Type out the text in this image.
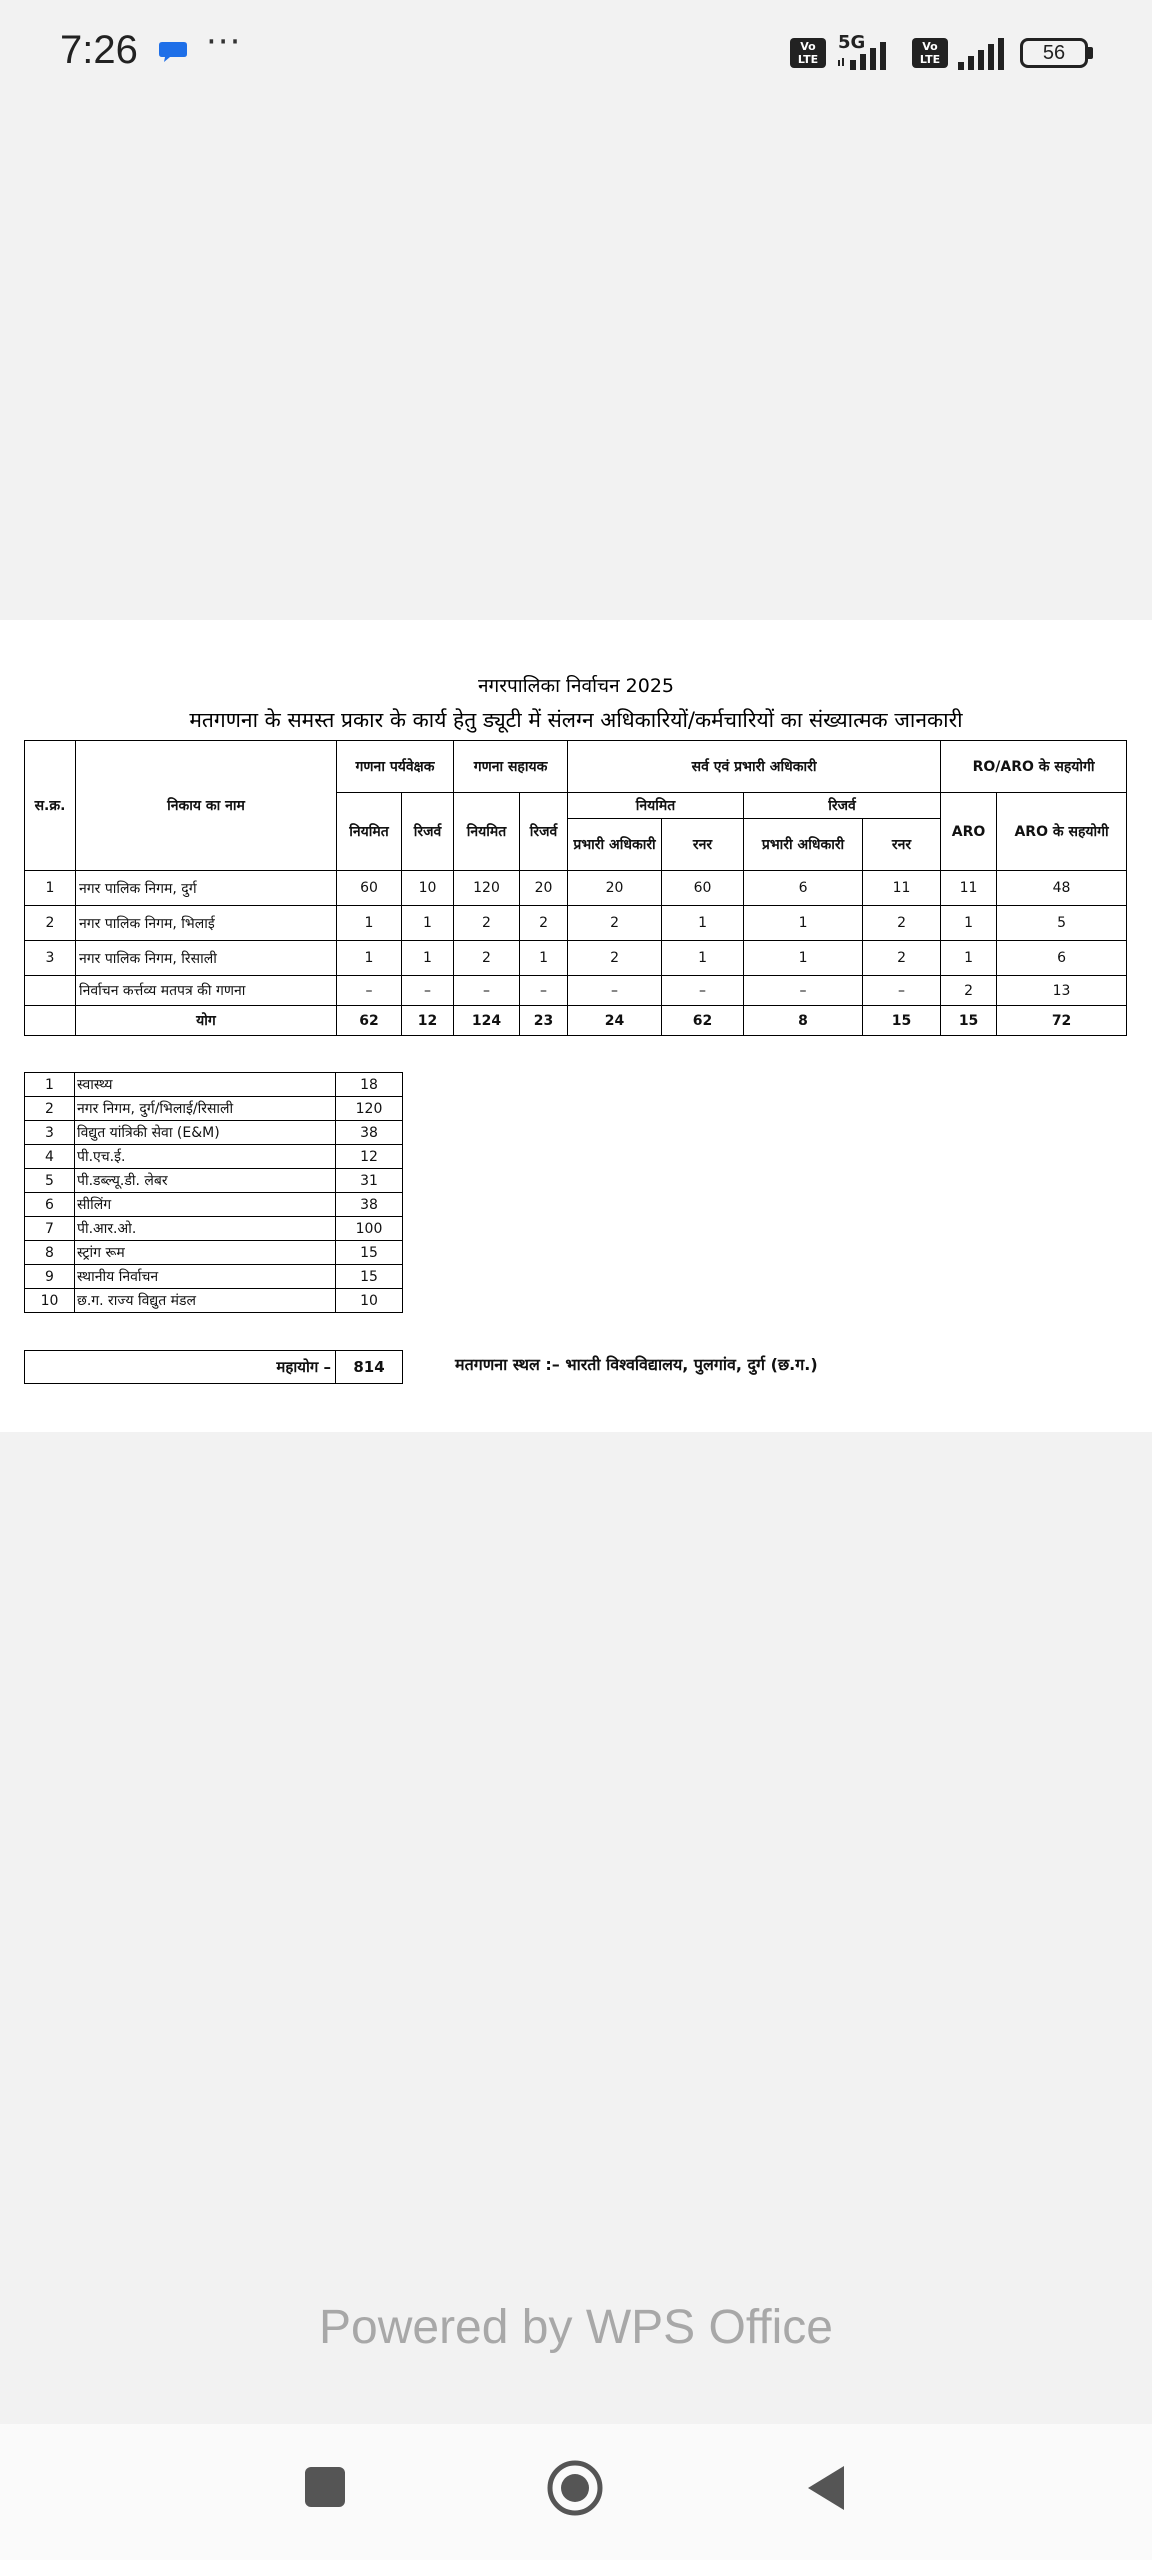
7:26 ···	Vo LTE
5G	Vo LTE	56
नगरपालिका निर्वाचन 2025
मतगणना के समस्त प्रकार के कार्य हेतु ड्यूटी में संलग्न अधिकारियों/कर्मचारियों का संख्यात्मक जानकारी
स.क्र.	निकाय का नाम	गणना पर्यवेक्षक		गणना सहायक		सर्व एवं प्रभारी अधिकारी				RO/ARO के सहयोगी	
		नियमित	रिजर्व	नियमित	रिजर्व	नियमित		रिजर्व		ARO	ARO के सहयोगी
						प्रभारी अधिकारी	रनर	प्रभारी अधिकारी	रनर		
1	नगर पालिक निगम, दुर्ग	60	10	120	20	20	60	6	11	11	48
2	नगर पालिक निगम, भिलाई	1	1	2	2	2	1	1	2	1	5
3	नगर पालिक निगम, रिसाली	1	1	2	1	2	1	1	2	1	6
	निर्वाचन कर्त्तव्य मतपत्र की गणना	–	–	–	–	–	–	–	–	2	13
	योग	62	12	124	23	24	62	8	15	15	72
1	स्वास्थ्य	18
2	नगर निगम, दुर्ग/भिलाई/रिसाली	120
3	विद्युत यांत्रिकी सेवा (E&M)	38
4	पी.एच.ई.	12
5	पी.डब्ल्यू.डी. लेबर	31
6	सीलिंग	38
7	पी.आर.ओ.	100
8	स्ट्रांग रूम	15
9	स्थानीय निर्वाचन	15
10	छ.ग. राज्य विद्युत मंडल	10
महायोग –	814	मतगणना स्थल :– भारती विश्वविद्यालय, पुलगांव, दुर्ग (छ.ग.)
Powered by WPS Office
